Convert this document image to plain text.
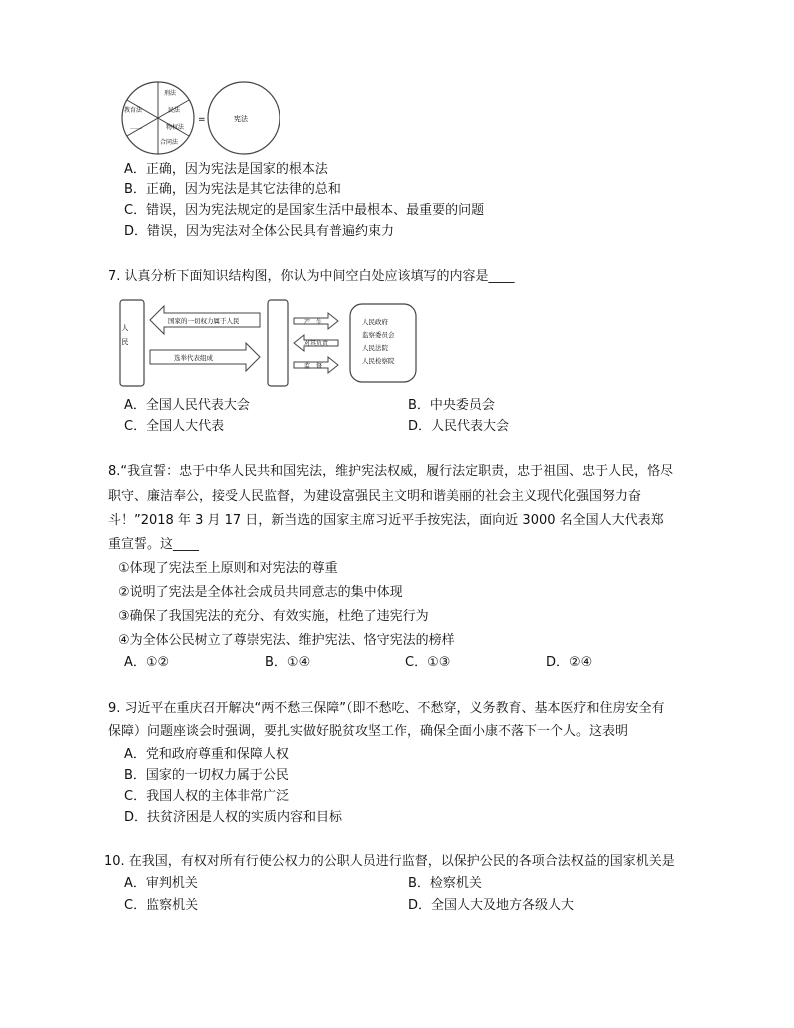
刑法
民法
物权法
合同法
……
教育法
=	宪法
A．正确，因为宪法是国家的根本法
B．正确，因为宪法是其它法律的总和
C．错误，因为宪法规定的是国家生活中最根本、最重要的问题
D．错误，因为宪法对全体公民具有普遍约束力
7. 认真分析下面知识结构图，你认为中间空白处应该填写的内容是____
人　民
国家的一切权力属于人民
选举代表组成
产　生
对其负责
监　督
人民政府
监察委员会
人民法院
人民检察院
A．全国人民代表大会	B．中央委员会
C．全国人大代表	D．人民代表大会
8.“我宣誓：忠于中华人民共和国宪法，维护宪法权威，履行法定职责，忠于祖国、忠于人民，恪尽
职守、廉洁奉公，接受人民监督，为建设富强民主文明和谐美丽的社会主义现代化强国努力奋
斗！”2018 年 3 月 17 日，新当选的国家主席习近平手按宪法，面向近 3000 名全国人大代表郑
重宣誓。这____
①体现了宪法至上原则和对宪法的尊重
②说明了宪法是全体社会成员共同意志的集中体现
③确保了我国宪法的充分、有效实施，杜绝了违宪行为
④为全体公民树立了尊崇宪法、维护宪法、恪守宪法的榜样
A．①②	B．①④	C．①③	D．②④
9. 习近平在重庆召开解决“两不愁三保障”（即不愁吃、不愁穿，义务教育、基本医疗和住房安全有
保障）问题座谈会时强调，要扎实做好脱贫攻坚工作，确保全面小康不落下一个人。这表明
A．党和政府尊重和保障人权
B．国家的一切权力属于公民
C．我国人权的主体非常广泛
D．扶贫济困是人权的实质内容和目标
10. 在我国，有权对所有行使公权力的公职人员进行监督，以保护公民的各项合法权益的国家机关是
A．审判机关	B．检察机关
C．监察机关	D．全国人大及地方各级人大
